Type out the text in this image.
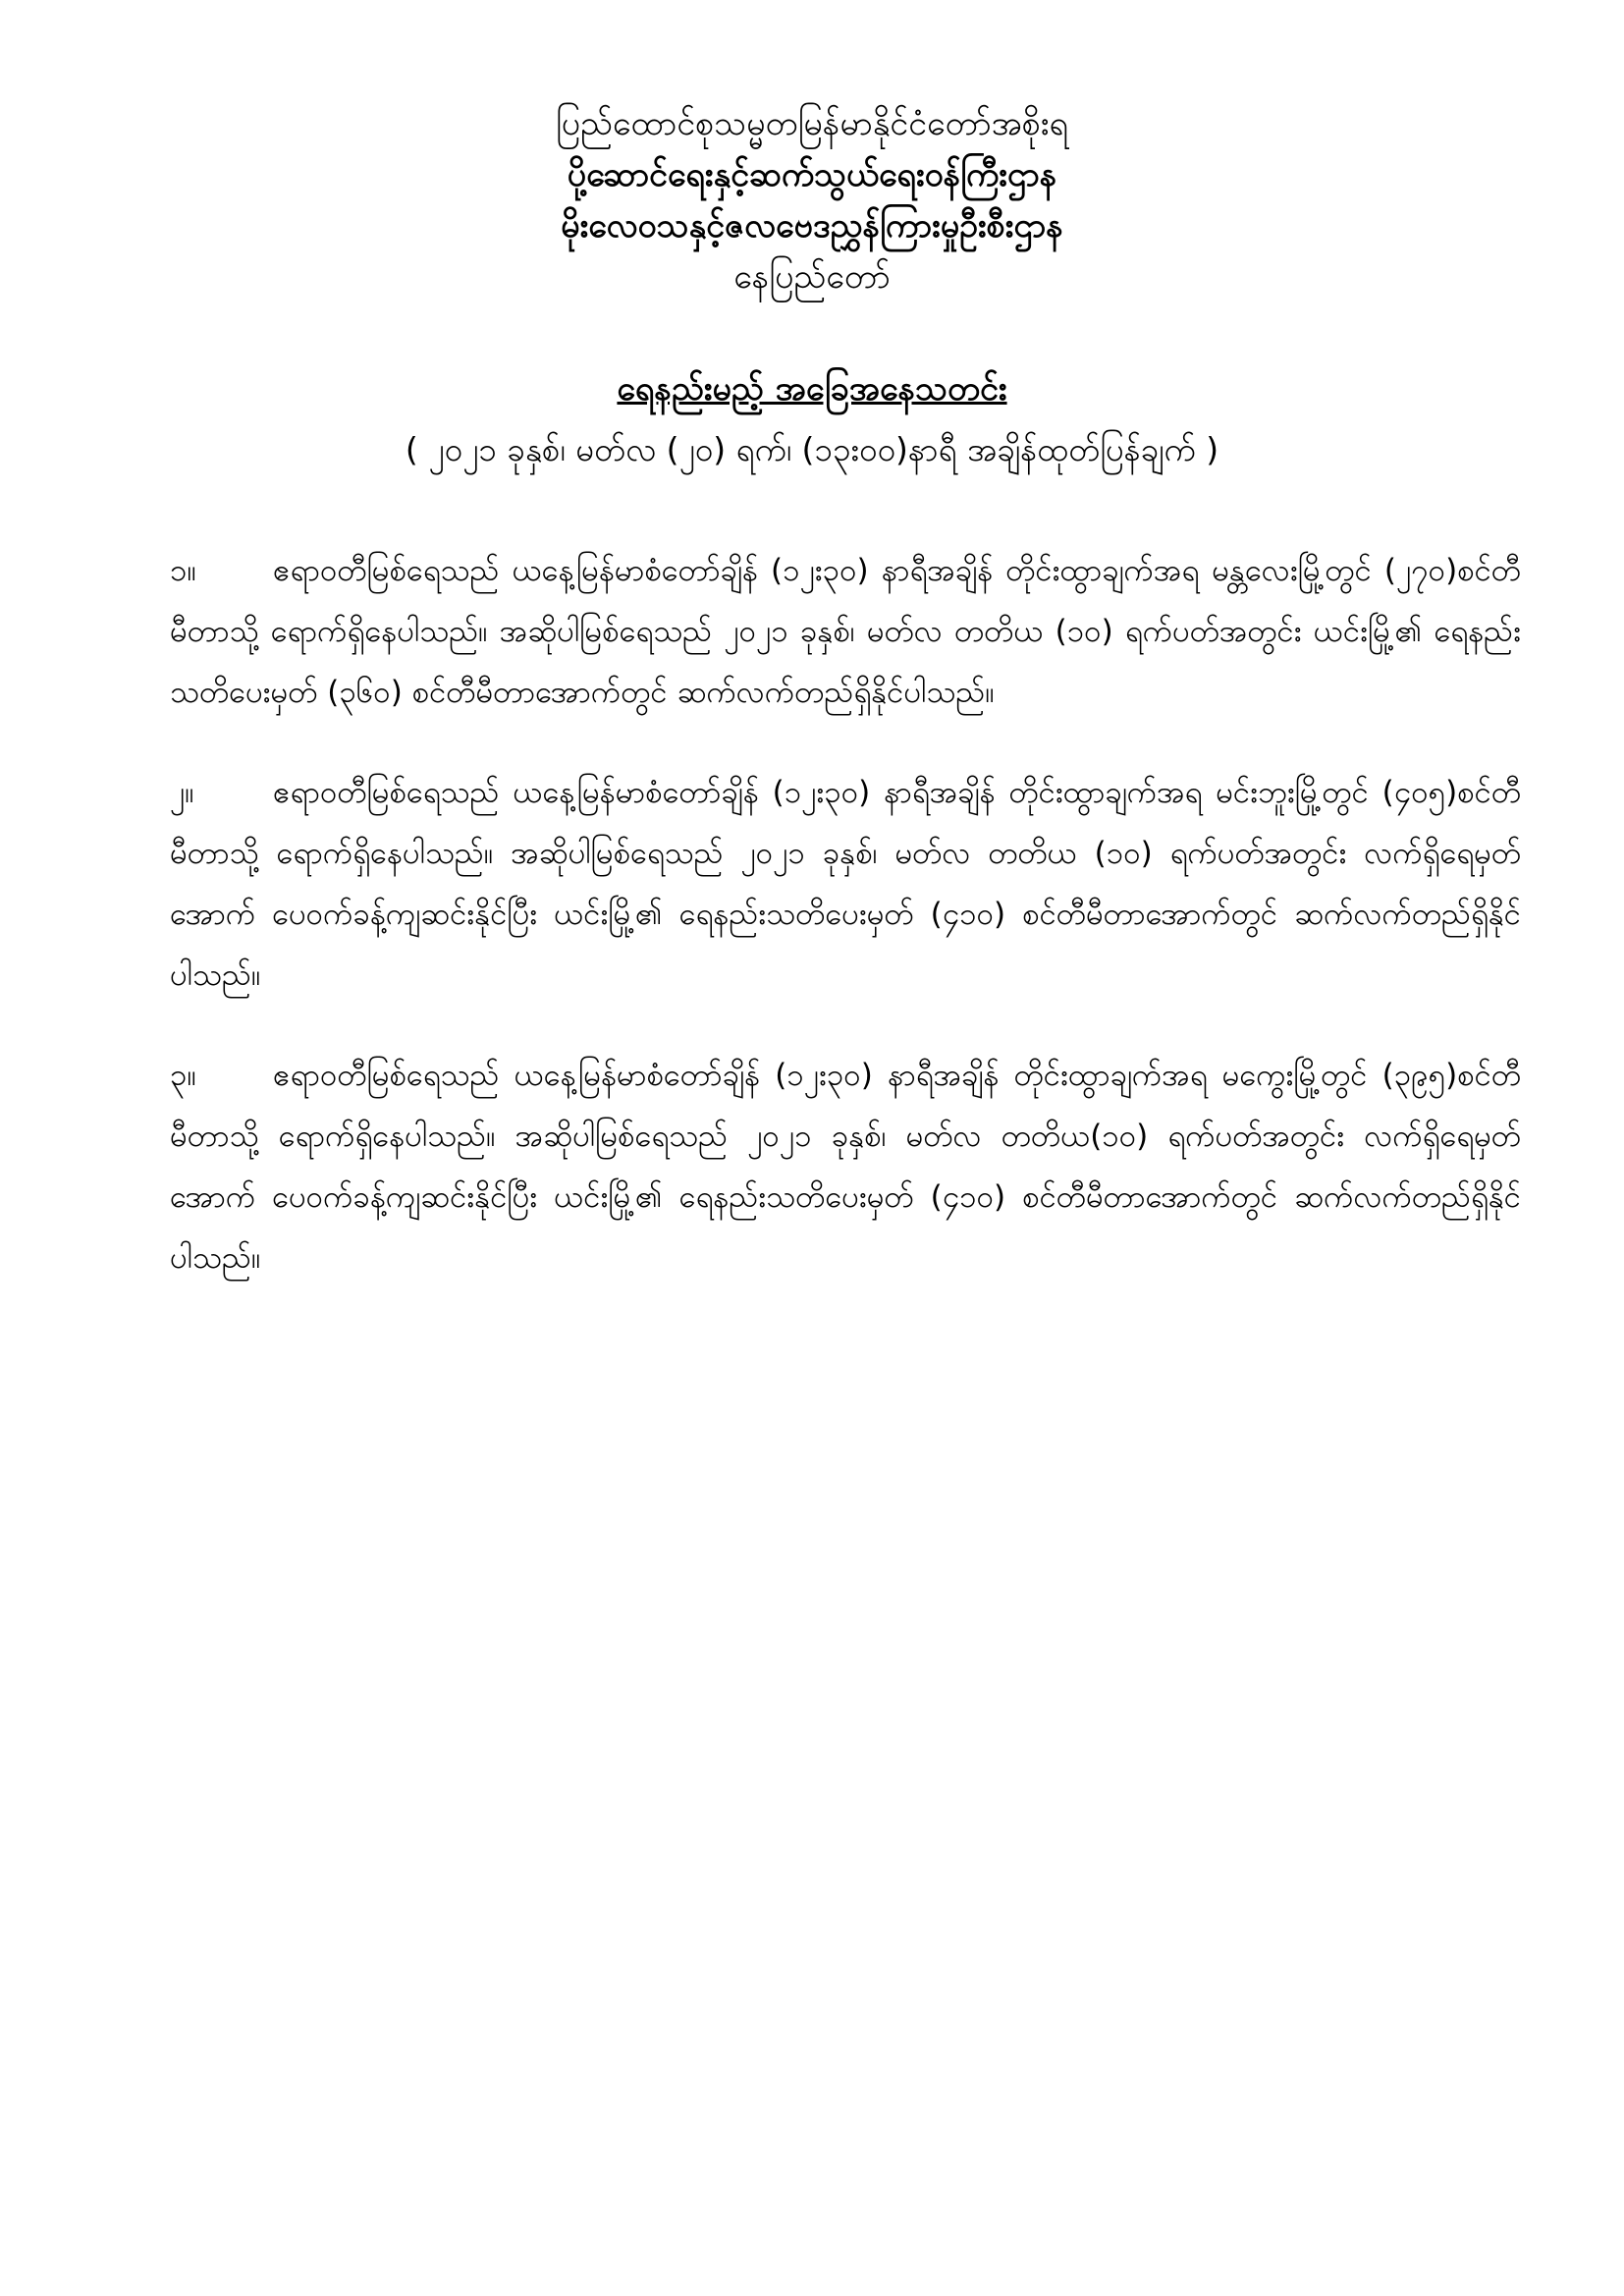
ပြည်ထောင်စုသမ္မတမြန်မာနိုင်ငံတော်အစိုးရ
ပို့ဆောင်ရေးနှင့်ဆက်သွယ်ရေးဝန်ကြီးဌာန
မိုးလေဝသနှင့်ဇလဗေဒညွှန်ကြားမှုဦးစီးဌာန
နေပြည်တော်
ရေနည်းမည့် အခြေအနေသတင်း
( ၂၀၂၁ ခုနှစ်၊ မတ်လ (၂၀) ရက်၊ (၁၃း၀၀)နာရီ အချိန်ထုတ်ပြန်ချက် )

၁။	ဧရာဝတီမြစ်ရေသည် ယနေ့မြန်မာစံတော်ချိန် (၁၂း၃၀) နာရီအချိန် တိုင်းထွာချက်အရ မန္တလေးမြို့တွင် (၂၇၀)စင်တီမီတာသို့ ရောက်ရှိနေပါသည်။ အဆိုပါမြစ်ရေသည် ၂၀၂၁ ခုနှစ်၊ မတ်လ တတိယ (၁၀) ရက်ပတ်အတွင်း ယင်းမြို့၏ ရေနည်းသတိပေးမှတ် (၃၆၀) စင်တီမီတာအောက်တွင် ဆက်လက်တည်ရှိနိုင်ပါသည်။

၂။	ဧရာဝတီမြစ်ရေသည် ယနေ့မြန်မာစံတော်ချိန် (၁၂း၃၀) နာရီအချိန် တိုင်းထွာချက်အရ မင်းဘူးမြို့တွင် (၄၀၅)စင်တီမီတာသို့ ရောက်ရှိနေပါသည်။ အဆိုပါမြစ်ရေသည် ၂၀၂၁ ခုနှစ်၊ မတ်လ တတိယ (၁၀) ရက်ပတ်အတွင်း လက်ရှိရေမှတ်အောက် ပေဝက်ခန့်ကျဆင်းနိုင်ပြီး ယင်းမြို့၏ ရေနည်းသတိပေးမှတ် (၄၁၀) စင်တီမီတာအောက်တွင် ဆက်လက်တည်ရှိနိုင်ပါသည်။

၃။	ဧရာဝတီမြစ်ရေသည် ယနေ့မြန်မာစံတော်ချိန် (၁၂း၃၀) နာရီအချိန် တိုင်းထွာချက်အရ မကွေးမြို့တွင် (၃၉၅)စင်တီမီတာသို့ ရောက်ရှိနေပါသည်။ အဆိုပါမြစ်ရေသည် ၂၀၂၁ ခုနှစ်၊ မတ်လ တတိယ(၁၀) ရက်ပတ်အတွင်း လက်ရှိရေမှတ်အောက် ပေဝက်ခန့်ကျဆင်းနိုင်ပြီး ယင်းမြို့၏ ရေနည်းသတိပေးမှတ် (၄၁၀) စင်တီမီတာအောက်တွင် ဆက်လက်တည်ရှိနိုင်ပါသည်။
